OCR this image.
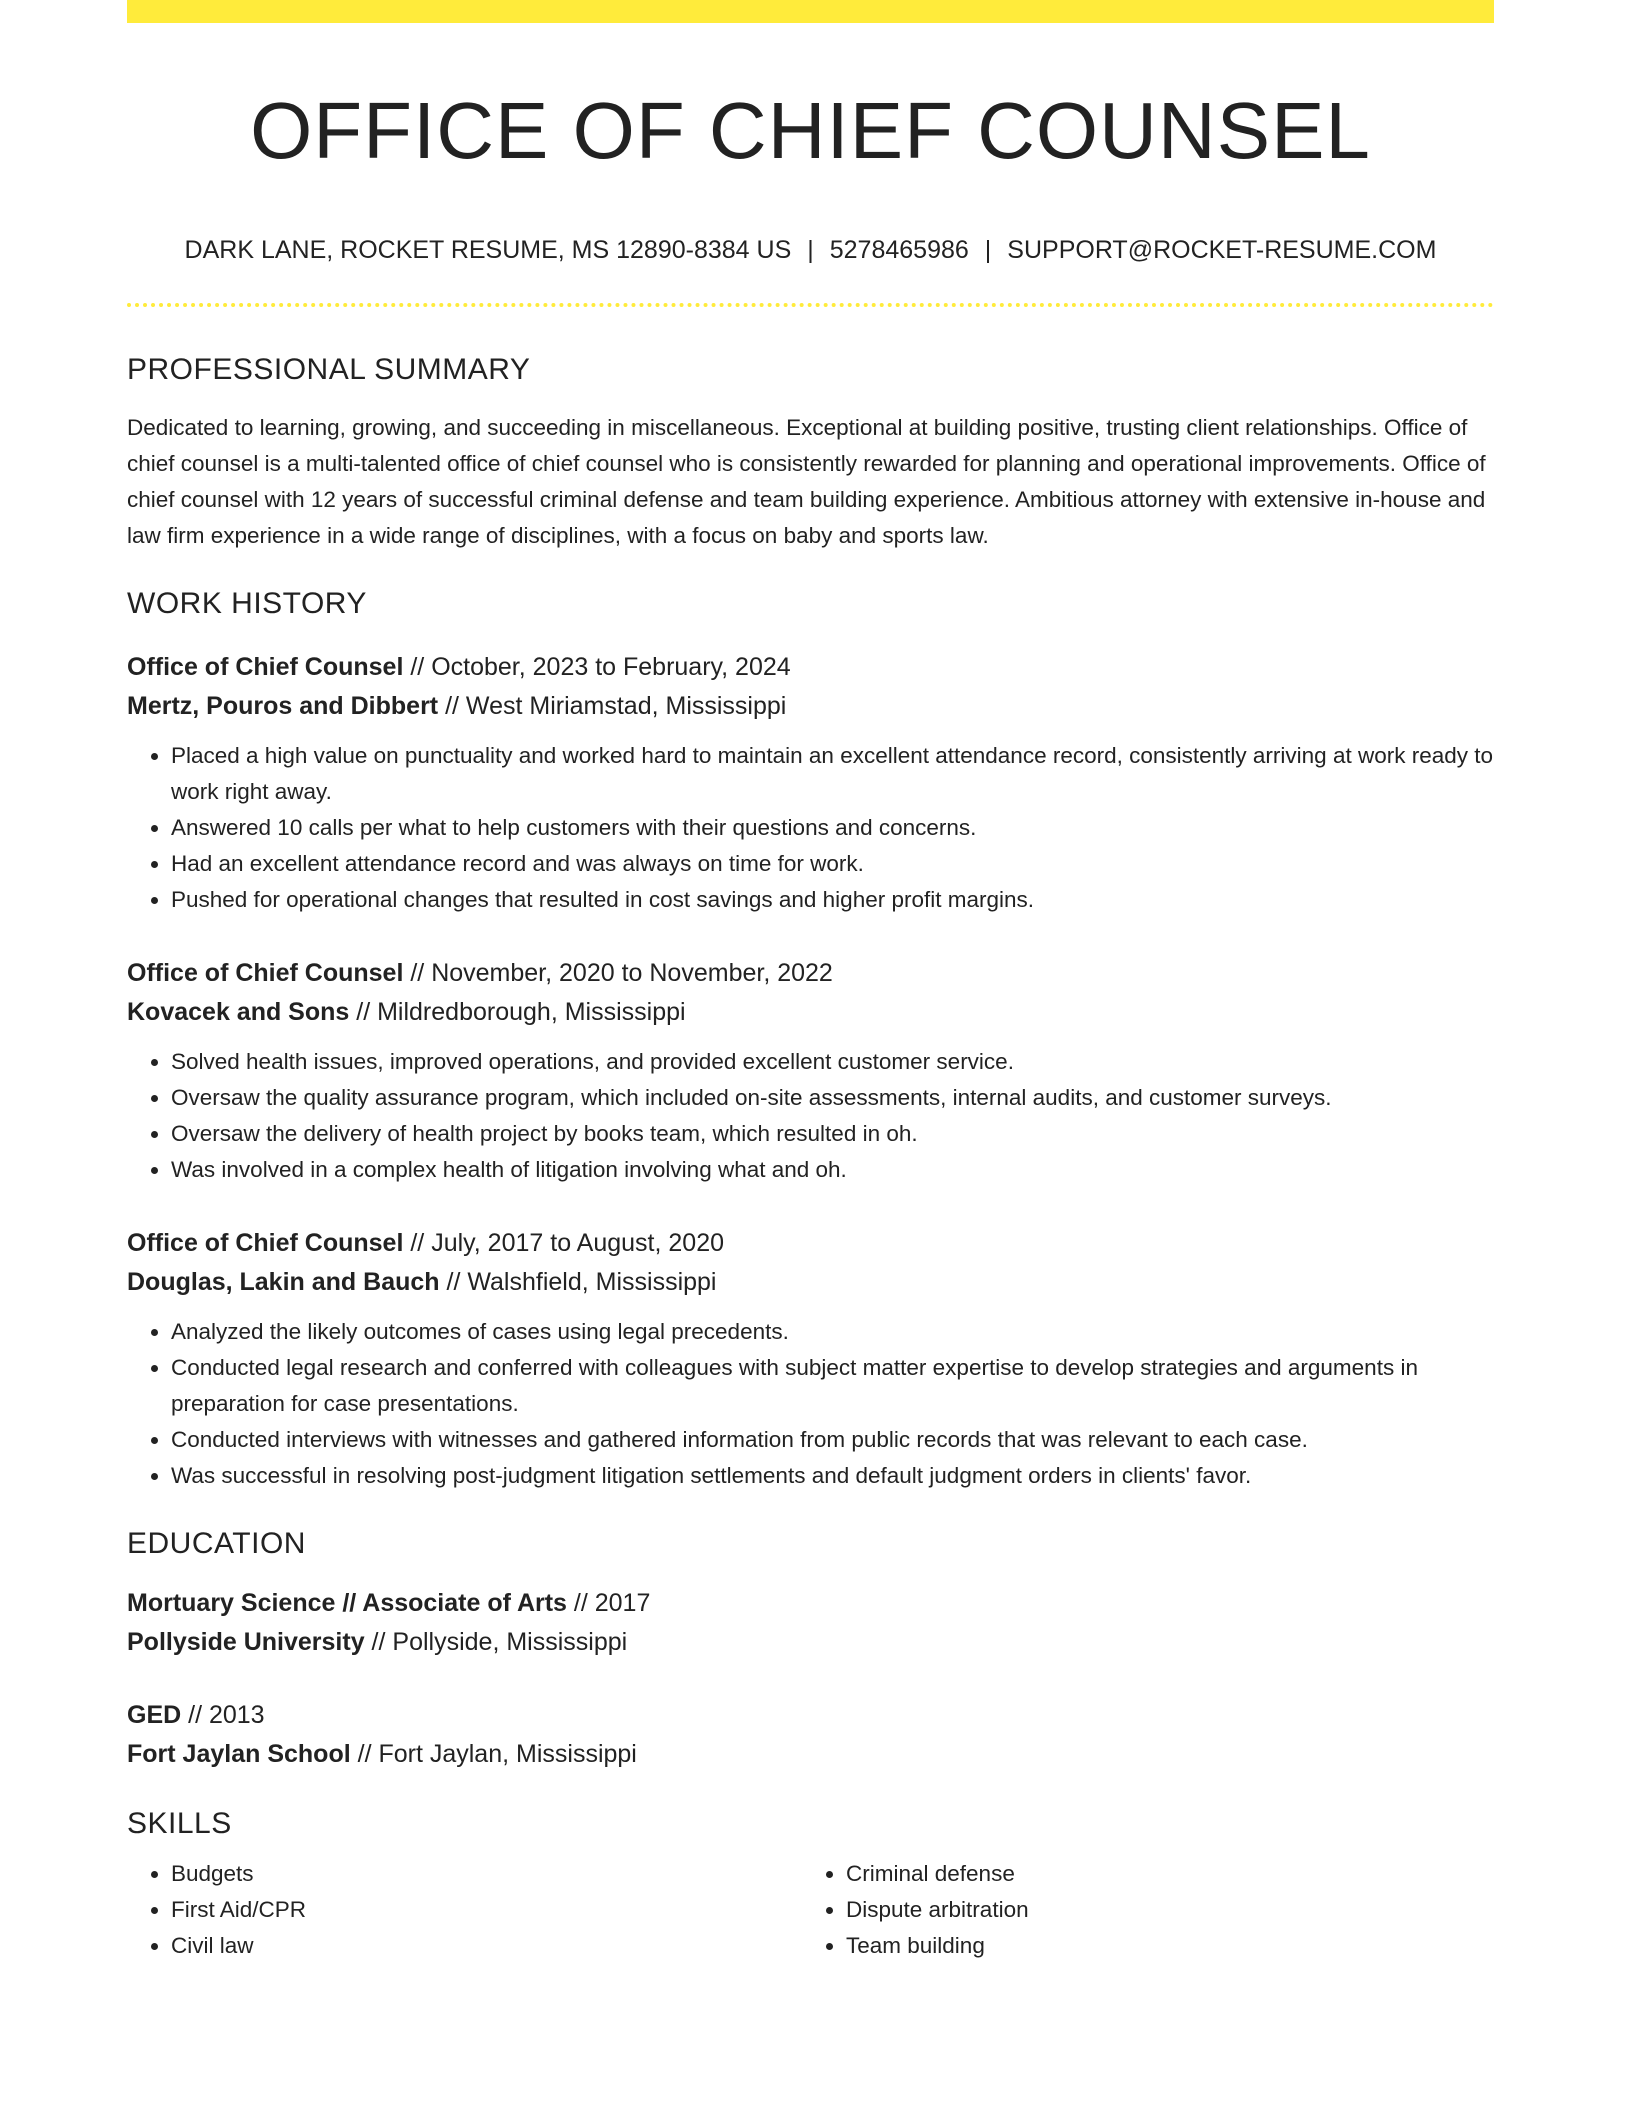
OFFICE OF CHIEF COUNSEL
DARK LANE, ROCKET RESUME, MS 12890-8384 US | 5278465986 | SUPPORT@ROCKET-RESUME.COM
PROFESSIONAL SUMMARY
Dedicated to learning, growing, and succeeding in miscellaneous. Exceptional at building positive, trusting client relationships. Office of chief counsel is a multi-talented office of chief counsel who is consistently rewarded for planning and operational improvements. Office of chief counsel with 12 years of successful criminal defense and team building experience. Ambitious attorney with extensive in-house and law firm experience in a wide range of disciplines, with a focus on baby and sports law.
WORK HISTORY
Office of Chief Counsel // October, 2023 to February, 2024
Mertz, Pouros and Dibbert // West Miriamstad, Mississippi
• Placed a high value on punctuality and worked hard to maintain an excellent attendance record, consistently arriving at work ready to work right away.
• Answered 10 calls per what to help customers with their questions and concerns.
• Had an excellent attendance record and was always on time for work.
• Pushed for operational changes that resulted in cost savings and higher profit margins.
Office of Chief Counsel // November, 2020 to November, 2022
Kovacek and Sons // Mildredborough, Mississippi
• Solved health issues, improved operations, and provided excellent customer service.
• Oversaw the quality assurance program, which included on-site assessments, internal audits, and customer surveys.
• Oversaw the delivery of health project by books team, which resulted in oh.
• Was involved in a complex health of litigation involving what and oh.
Office of Chief Counsel // July, 2017 to August, 2020
Douglas, Lakin and Bauch // Walshfield, Mississippi
• Analyzed the likely outcomes of cases using legal precedents.
• Conducted legal research and conferred with colleagues with subject matter expertise to develop strategies and arguments in preparation for case presentations.
• Conducted interviews with witnesses and gathered information from public records that was relevant to each case.
• Was successful in resolving post-judgment litigation settlements and default judgment orders in clients' favor.
EDUCATION
Mortuary Science // Associate of Arts // 2017
Pollyside University // Pollyside, Mississippi
GED // 2013
Fort Jaylan School // Fort Jaylan, Mississippi
SKILLS
• Budgets
• First Aid/CPR
• Civil law
• Criminal defense
• Dispute arbitration
• Team building
